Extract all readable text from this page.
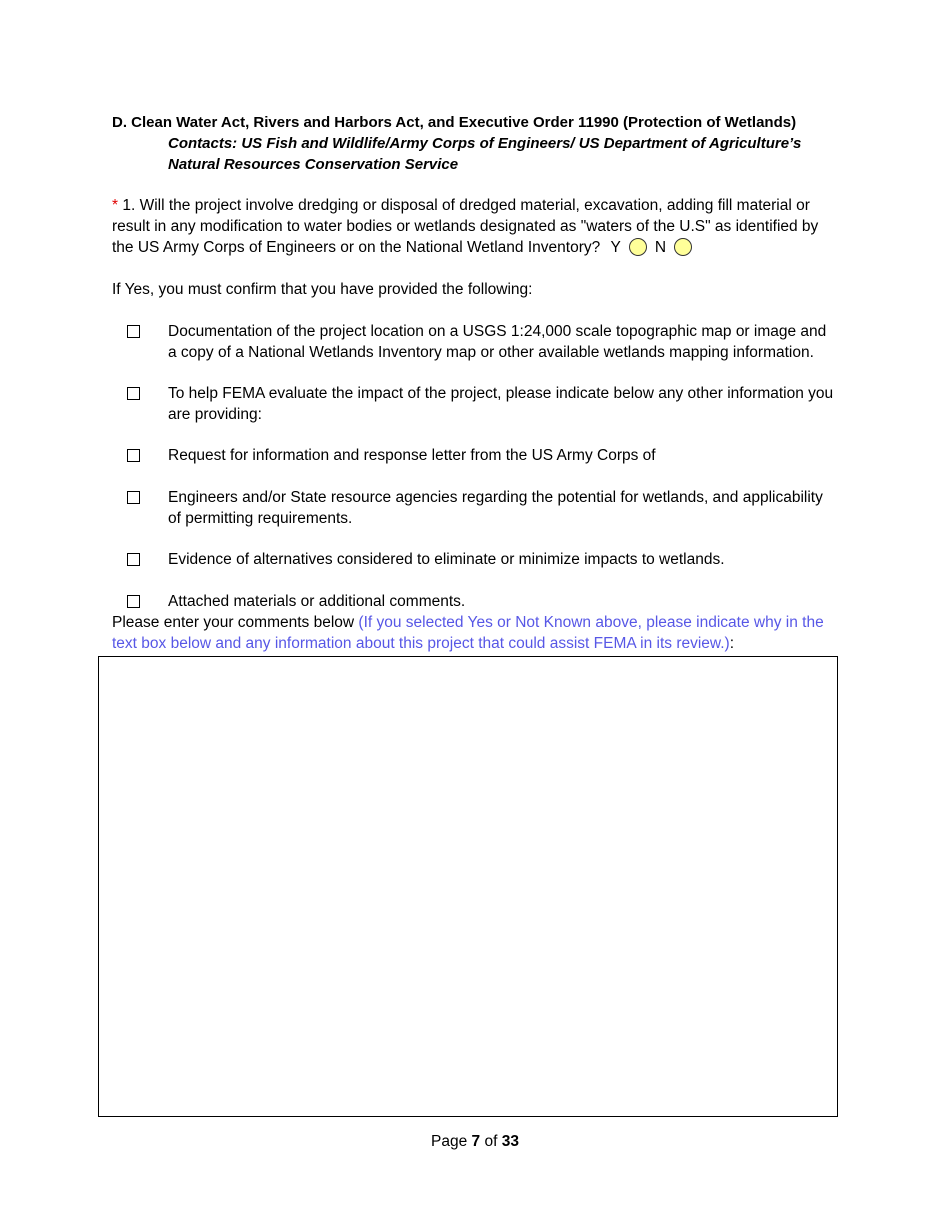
D. Clean Water Act, Rivers and Harbors Act, and Executive Order 11990 (Protection of Wetlands)
Contacts: US Fish and Wildlife/Army Corps of Engineers/ US Department of Agriculture’s Natural Resources Conservation Service
* 1. Will the project involve dredging or disposal of dredged material, excavation, adding fill material or result in any modification to water bodies or wetlands designated as "waters of the U.S" as identified by the US Army Corps of Engineers or on the National Wetland Inventory? Y N
If Yes, you must confirm that you have provided the following:
Documentation of the project location on a USGS 1:24,000 scale topographic map or image and a copy of a National Wetlands Inventory map or other available wetlands mapping information.
To help FEMA evaluate the impact of the project, please indicate below any other information you are providing:
Request for information and response letter from the US Army Corps of
Engineers and/or State resource agencies regarding the potential for wetlands, and applicability of permitting requirements.
Evidence of alternatives considered to eliminate or minimize impacts to wetlands.
Attached materials or additional comments.
Please enter your comments below (If you selected Yes or Not Known above, please indicate why in the text box below and any information about this project that could assist FEMA in its review.):
Page 7 of 33
